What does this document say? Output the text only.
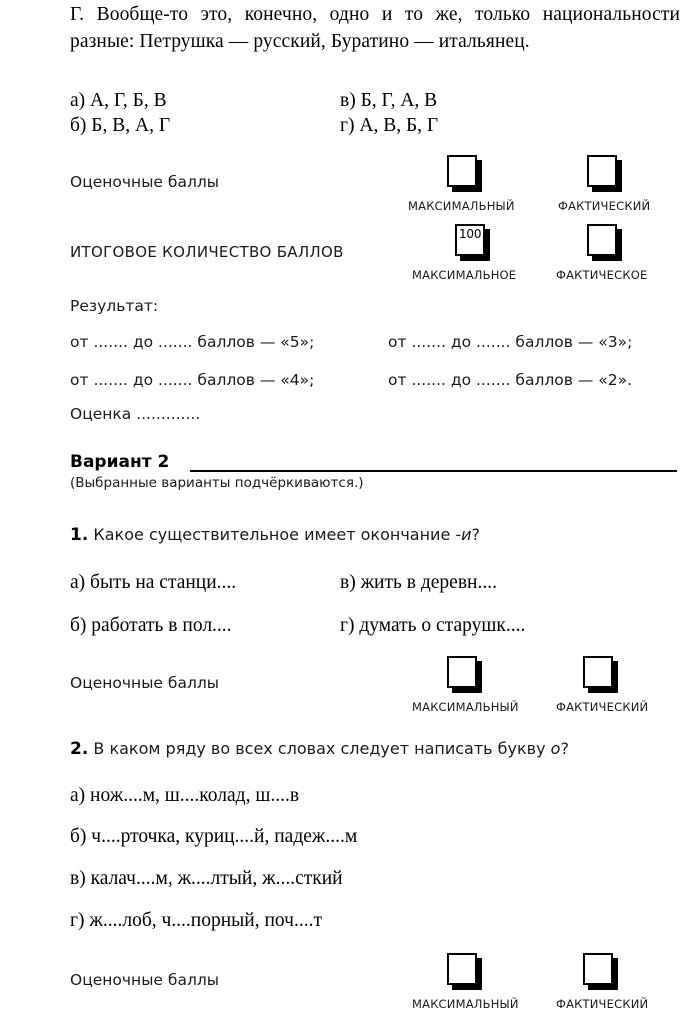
Г. Вообще-то это, конечно, одно и то же, только национальности разные: Петрушка — русский, Буратино — итальянец.
а) А, Г, Б, В	в) Б, Г, А, В
б) Б, В, А, Г	г) А, В, Б, Г
Оценочные баллы
МАКСИМАЛЬНЫЙ	ФАКТИЧЕСКИЙ
ИТОГОВОЕ КОЛИЧЕСТВО БАЛЛОВ
100
МАКСИМАЛЬНОЕ	ФАКТИЧЕСКОЕ
Результат:
от ....... до ....... баллов — «5»;	от ....... до ....... баллов — «3»;
от ....... до ....... баллов — «4»;	от ....... до ....... баллов — «2».
Оценка .............
Вариант 2
(Выбранные варианты подчёркиваются.)
1. Какое существительное имеет окончание -и?
а) быть на станци....	в) жить в деревн....
б) работать в пол....	г) думать о старушк....
Оценочные баллы
МАКСИМАЛЬНЫЙ	ФАКТИЧЕСКИЙ
2. В каком ряду во всех словах следует написать букву о?
а) нож....м, ш....колад, ш....в
б) ч....рточка, куриц....й, падеж....м
в) калач....м, ж....лтый, ж....сткий
г) ж....лоб, ч....порный, поч....т
Оценочные баллы
МАКСИМАЛЬНЫЙ	ФАКТИЧЕСКИЙ
